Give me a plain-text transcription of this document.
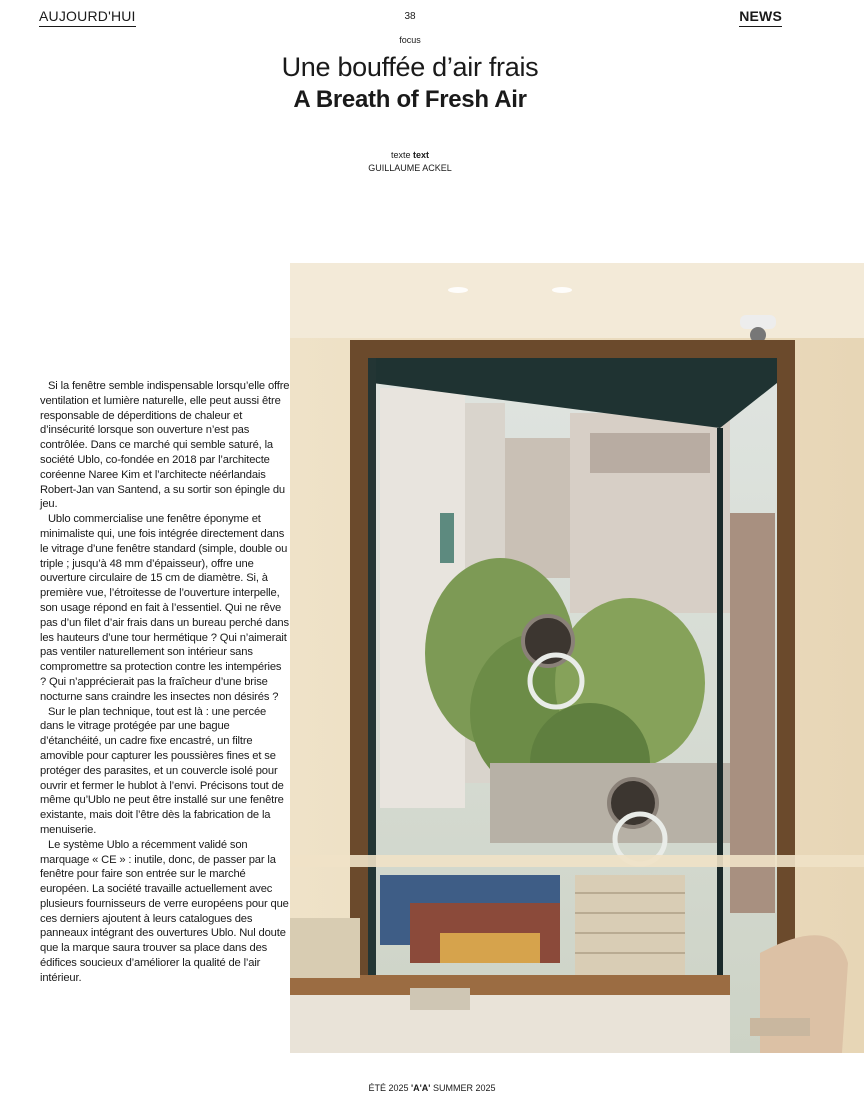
AUJOURD'HUI	38	NEWS
focus
Une bouffée d’air frais
A Breath of Fresh Air
texte text
GUILLAUME ACKEL

Si la fenêtre semble indispensable lorsqu’elle offre ventilation et lumière naturelle, elle peut aussi être responsable de déperditions de chaleur et d’insécurité lorsque son ouverture n’est pas contrôlée. Dans ce marché qui semble saturé, la société Ublo, co-fondée en 2018 par l’architecte coréenne Naree Kim et l’architecte néérlandais Robert-Jan van Santend, a su sortir son épingle du jeu.

Ublo commercialise une fenêtre éponyme et minimaliste qui, une fois intégrée directement dans le vitrage d’une fenêtre standard (simple, double ou triple ; jusqu’à 48 mm d’épaisseur), offre une ouverture circulaire de 15 cm de diamètre. Si, à première vue, l’étroitesse de l’ouverture interpelle, son usage répond en fait à l’essentiel. Qui ne rêve pas d’un filet d’air frais dans un bureau perché dans les hauteurs d’une tour hermétique ? Qui n’aimerait pas ventiler naturellement son intérieur sans compromettre sa protection contre les intempéries ? Qui n’apprécierait pas la fraîcheur d’une brise nocturne sans craindre les insectes non désirés ?

Sur le plan technique, tout est là : une percée dans le vitrage protégée par une bague d’étanchéité, un cadre fixe encastré, un filtre amovible pour capturer les poussières fines et se protéger des parasites, et un couvercle isolé pour ouvrir et fermer le hublot à l’envi. Précisons tout de même qu’Ublo ne peut être installé sur une fenêtre existante, mais doit l’être dès la fabrication de la menuiserie.

Le système Ublo a récemment validé son marquage « CE » : inutile, donc, de passer par la fenêtre pour faire son entrée sur le marché européen. La société travaille actuellement avec plusieurs fournisseurs de verre européens pour que ces derniers ajoutent à leurs catalogues des panneaux intégrant des ouvertures Ublo. Nul doute que la marque saura trouver sa place dans des édifices soucieux d’améliorer la qualité de l’air intérieur.

ÉTÉ 2025 'A'A' SUMMER 2025
